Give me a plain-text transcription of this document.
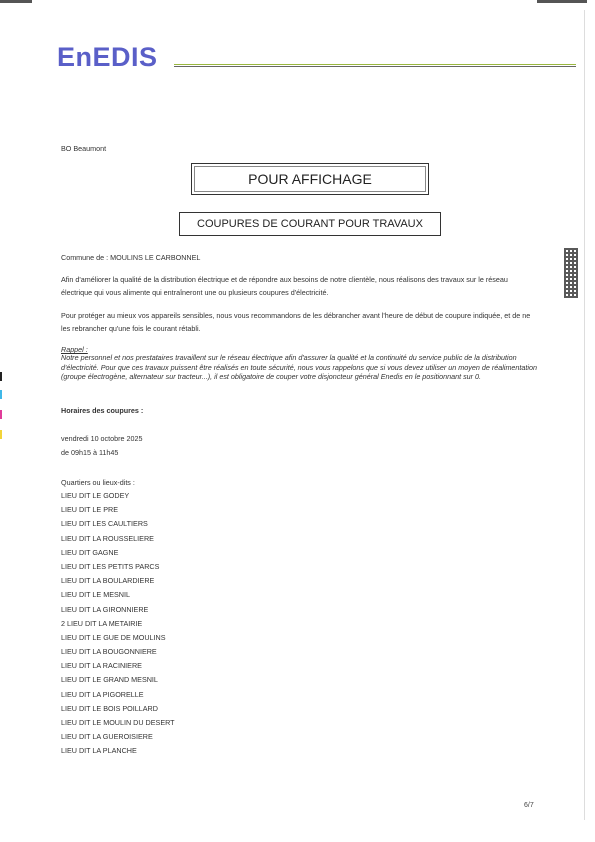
EnEDIS
BO Beaumont
POUR AFFICHAGE
COUPURES DE COURANT POUR TRAVAUX
Commune de : MOULINS LE CARBONNEL
Afin d'améliorer la qualité de la distribution électrique et de répondre aux besoins de notre clientèle, nous réalisons des travaux sur le réseau électrique qui vous alimente qui entraîneront une ou plusieurs coupures d'électricité.
Pour protéger au mieux vos appareils sensibles, nous vous recommandons de les débrancher avant l'heure de début de coupure indiquée, et de ne les rebrancher qu'une fois le courant rétabli.
Rappel :
Notre personnel et nos prestataires travaillent sur le réseau électrique afin d'assurer la qualité et la continuité du service public de la distribution d'électricité. Pour que ces travaux puissent être réalisés en toute sécurité, nous vous rappelons que si vous devez utiliser un moyen de réalimentation (groupe électrogène, alternateur sur tracteur...), il est obligatoire de couper votre disjoncteur général Enedis en le positionnant sur 0.
Horaires des coupures :
vendredi 10 octobre 2025
de 09h15 à 11h45
Quartiers ou lieux-dits :
LIEU DIT LE GODEY
LIEU DIT LE PRE
LIEU DIT LES CAULTIERS
LIEU DIT LA ROUSSELIERE
LIEU DIT GAGNE
LIEU DIT LES PETITS PARCS
LIEU DIT LA BOULARDIERE
LIEU DIT LE MESNIL
LIEU DIT LA GIRONNIERE
2 LIEU DIT LA METAIRIE
LIEU DIT LE GUE DE MOULINS
LIEU DIT LA BOUGONNIERE
LIEU DIT LA RACINIERE
LIEU DIT LE GRAND MESNIL
LIEU DIT LA PIGORELLE
LIEU DIT LE BOIS POILLARD
LIEU DIT LE MOULIN DU DESERT
LIEU DIT LA GUEROISIERE
LIEU DIT LA PLANCHE
6/7
